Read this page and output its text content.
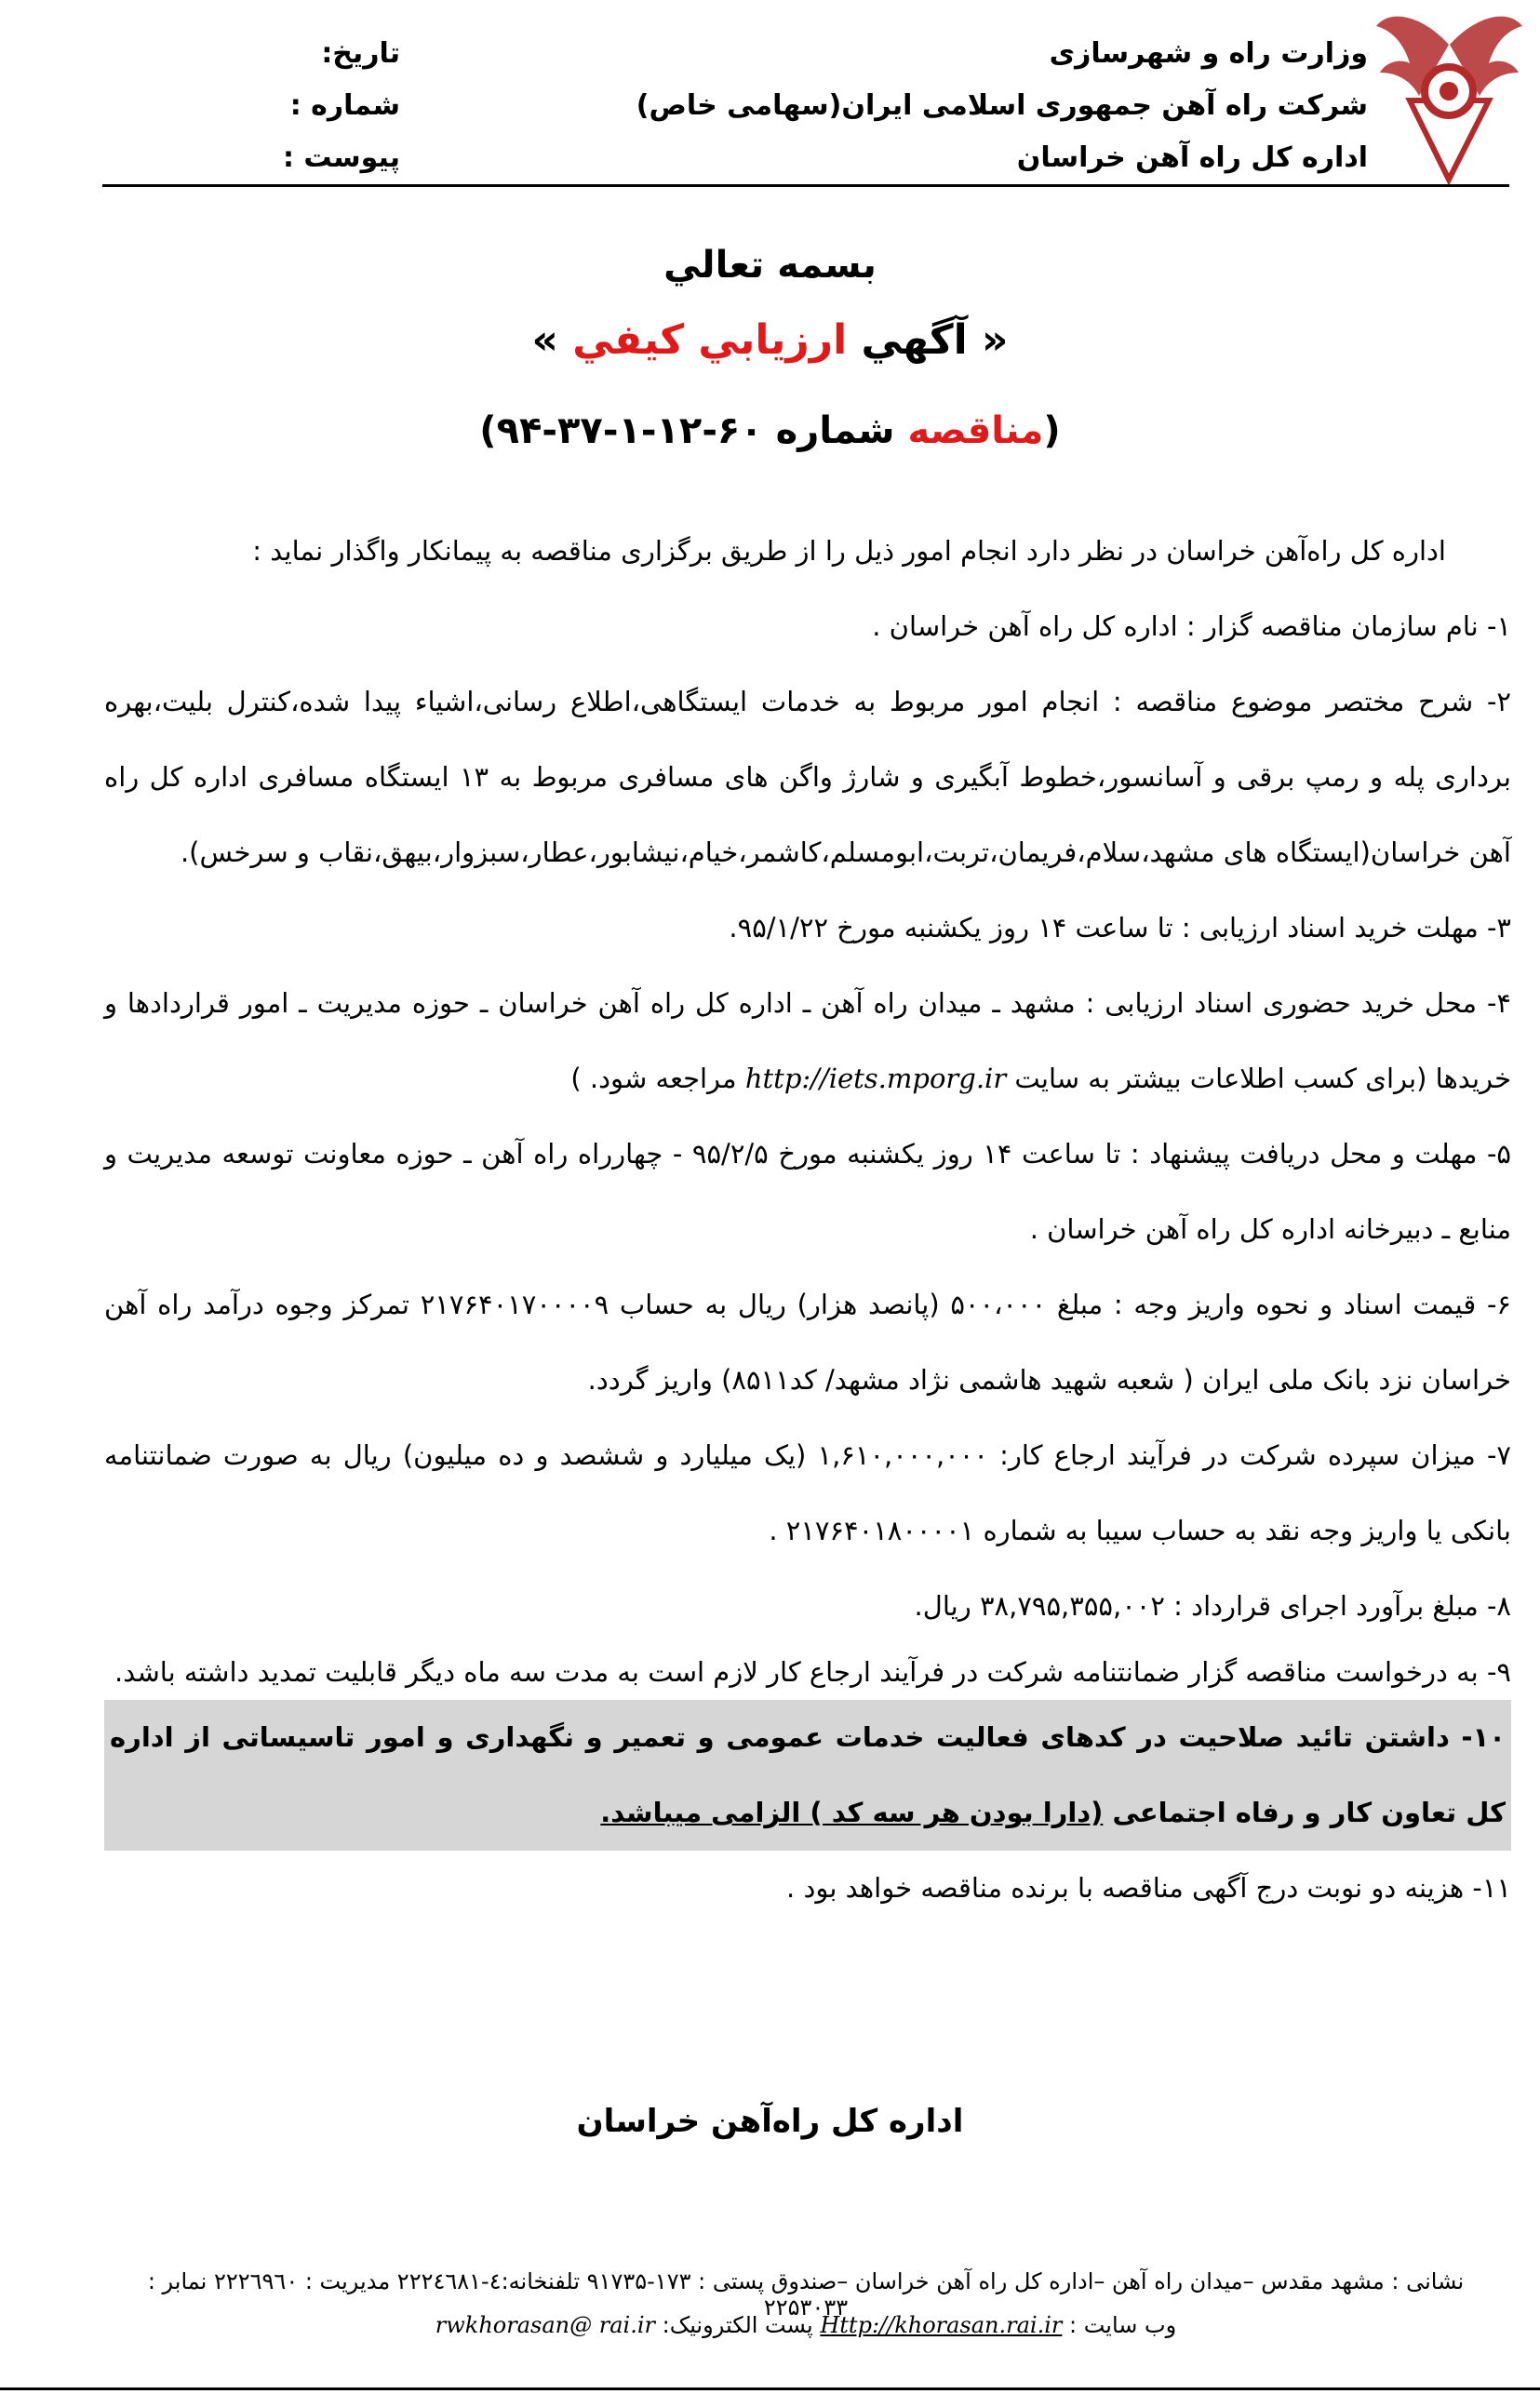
وزارت راه و شهرسازی
شرکت راه آهن جمهوری اسلامی ایران(سهامی خاص)
اداره کل راه آهن خراسان
تاریخ:
شماره :
پیوست :
بسمه تعالي
« آگهي ارزيابي كيفي »
(مناقصه شماره ۶۰-۱۲-۱-۳۷-۹۴)

اداره کل راه‌آهن خراسان در نظر دارد انجام امور ذیل را از طریق برگزاری مناقصه به پیمانکار واگذار نماید :

۱- نام سازمان مناقصه گزار : اداره کل راه آهن خراسان .

۲- شرح مختصر موضوع مناقصه : انجام امور مربوط به خدمات ایستگاهی،اطلاع رسانی،اشیاء پیدا شده،کنترل بلیت،بهره برداری پله و رمپ برقی و آسانسور،خطوط آبگیری و شارژ واگن های مسافری مربوط به ۱۳ ایستگاه مسافری اداره کل راه آهن خراسان(ایستگاه های مشهد،سلام،فریمان،تربت،ابومسلم،کاشمر،خیام،نیشابور،عطار،سبزوار،بیهق،نقاب و سرخس).

۳- مهلت خرید اسناد ارزیابی : تا ساعت ۱۴ روز یکشنبه مورخ ۹۵/۱/۲۲.

۴- محل خرید حضوری اسناد ارزیابی : مشهد ـ میدان راه آهن ـ اداره کل راه آهن خراسان ـ حوزه مدیریت ـ امور قراردادها و خریدها (برای کسب اطلاعات بیشتر به سایت http://iets.mporg.ir مراجعه شود. )

۵- مهلت و محل دریافت پیشنهاد : تا ساعت ۱۴ روز یکشنبه مورخ ۹۵/۲/۵ - چهارراه راه آهن ـ حوزه معاونت توسعه مدیریت و منابع ـ دبیرخانه اداره کل راه آهن خراسان .

۶- قیمت اسناد و نحوه واریز وجه : مبلغ ۵۰۰،۰۰۰ (پانصد هزار) ریال به حساب ۲۱۷۶۴۰۱۷۰۰۰۰۹ تمرکز وجوه درآمد راه آهن خراسان نزد بانک ملی ایران ( شعبه شهید هاشمی نژاد مشهد/ کد۸۵۱۱) واریز گردد.

۷- میزان سپرده شرکت در فرآیند ارجاع کار: ۱,۶۱۰,۰۰۰,۰۰۰ (یک میلیارد و ششصد و ده میلیون) ریال به صورت ضمانتنامه بانکی یا واریز وجه نقد به حساب سیبا به شماره ۲۱۷۶۴۰۱۸۰۰۰۰۱ .

۸- مبلغ برآورد اجرای قرارداد : ۳۸,۷۹۵,۳۵۵,۰۰۲ ریال.

۹- به درخواست مناقصه گزار ضمانتنامه شرکت در فرآیند ارجاع کار لازم است به مدت سه ماه دیگر قابلیت تمدید داشته باشد.

۱۰- داشتن تائید صلاحیت در کدهای فعالیت خدمات عمومی و تعمیر و نگهداری و امور تاسیساتی از اداره کل تعاون کار و رفاه اجتماعی (دارا بودن هر سه کد ) الزامی میباشد.

۱۱- هزینه دو نوبت درج آگهی مناقصه با برنده مناقصه خواهد بود .

اداره کل راه‌آهن خراسان
نشانی : مشهد مقدس –میدان راه آهن –اداره کل راه آهن خراسان –صندوق پستی : ۱۷۳-۹۱۷۳۵ تلفنخانه:٤-۲۲۲٤٦۸۱ مدیریت : ۲۲۲٦۹٦۰ نمابر : ۲۲۵۳۰۳۳
وب سایت : Http://khorasan.rai.ir پست الکترونیک: rwkhorasan@ rai.ir
